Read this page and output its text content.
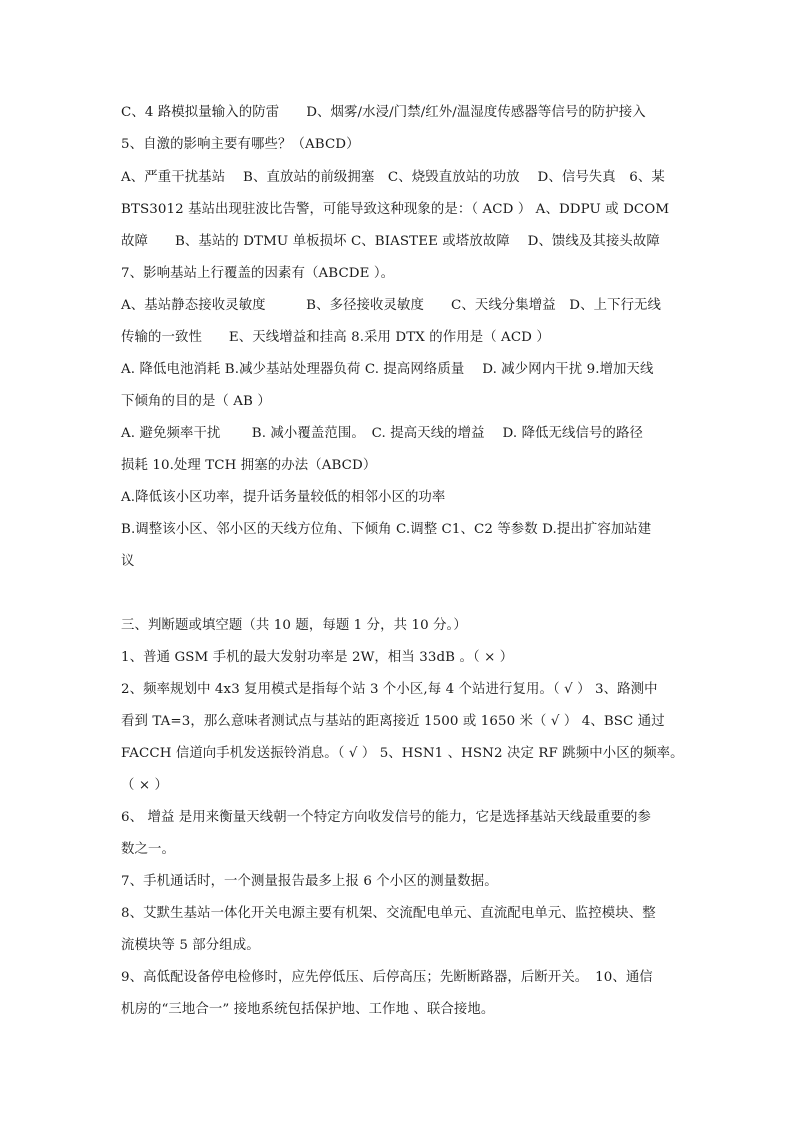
C、4 路模拟量输入的防雷　　D、烟雾/水浸/门禁/红外/温湿度传感器等信号的防护接入
5、自激的影响主要有哪些？（ABCD）
A、严重干扰基站　 B、直放站的前级拥塞　C、烧毁直放站的功放　 D、信号失真　6、某
BTS3012 基站出现驻波比告警，可能导致这种现象的是：（ ACD ） A、DDPU 或 DCOM
故障　　B、基站的 DTMU 单板损坏 C、BIASTEE 或塔放故障　 D、馈线及其接头故障
7、影响基站上行覆盖的因素有（ABCDE ）。
A、基站静态接收灵敏度　　　B、多径接收灵敏度　　C、天线分集增益　D、上下行无线
传输的一致性　　E、天线增益和挂高 8.采用 DTX 的作用是（ ACD ）
A. 降低电池消耗 B.减少基站处理器负荷 C. 提高网络质量　 D. 减少网内干扰 9.增加天线
下倾角的目的是（ AB ）
A. 避免频率干扰　　 B. 减小覆盖范围。　C. 提高天线的增益　 D. 降低无线信号的路径
损耗 10.处理 TCH 拥塞的办法（ABCD）
A.降低该小区功率，提升话务量较低的相邻小区的功率
B.调整该小区、邻小区的天线方位角、下倾角 C.调整 C1、C2 等参数 D.提出扩容加站建
议
三、判断题或填空题（共 10 题，每题 1 分，共 10 分。）
1、普通 GSM 手机的最大发射功率是 2W，相当 33dB 。（ × ）
2、频率规划中 4x3 复用模式是指每个站 3 个小区,每 4 个站进行复用。（ √ ） 3、路测中
看到 TA=3，那么意味者测试点与基站的距离接近 1500 或 1650 米（ √ ） 4、BSC 通过
FACCH 信道向手机发送振铃消息。（ √ ） 5、HSN1 、HSN2 决定 RF 跳频中小区的频率。
（ × ）
6、 增益 是用来衡量天线朝一个特定方向收发信号的能力，它是选择基站天线最重要的参
数之一。
7、手机通话时，一个测量报告最多上报 6 个小区的测量数据。
8、艾默生基站一体化开关电源主要有机架、交流配电单元、直流配电单元、监控模块、整
流模块等 5 部分组成。
9、高低配设备停电检修时，应先停低压、后停高压；先断断路器，后断开关。　10、通信
机房的“三地合一” 接地系统包括保护地、工作地 、联合接地。
